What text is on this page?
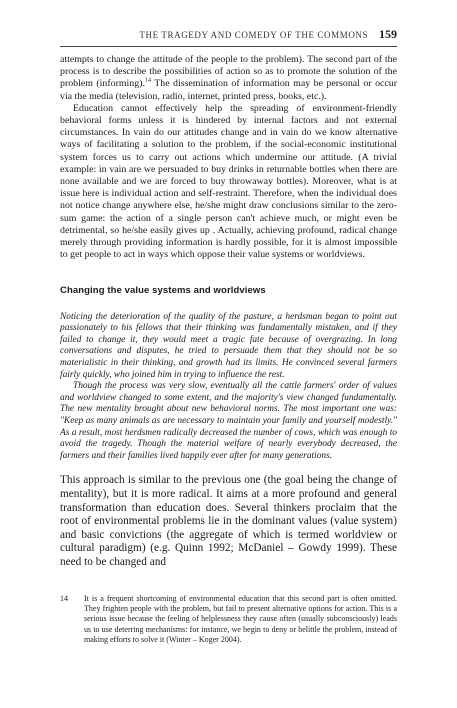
THE TRAGEDY AND COMEDY OF THE COMMONS 159

attempts to change the attitude of the people to the problem). The second part of the process is to describe the possibilities of action so as to promote the solution of the problem (informing).$^{14}$ The dissemination of information may be personal or occur via the media (television, radio, internet, printed press, books, etc.).

Education cannot effectively help the spreading of environment-friendly behavioral forms unless it is hindered by internal factors and not external circumstances. In vain do our attitudes change and in vain do we know alternative ways of facilitating a solution to the problem, if the social-economic institutional system forces us to carry out actions which undermine our attitude. (A trivial example: in vain are we persuaded to buy drinks in returnable bottles when there are none available and we are forced to buy throwaway bottles). Moreover, what is at issue here is individual action and self-restraint. Therefore, when the individual does not notice change anywhere else, he/she might draw conclusions similar to the zero-sum game: the action of a single person can't achieve much, or might even be detrimental, so he/she easily gives up . Actually, achieving profound, radical change merely through providing information is hardly possible, for it is almost impossible to get people to act in ways which oppose their value systems or worldviews.

Changing the value systems and worldviews

Noticing the deterioration of the quality of the pasture, a herdsman began to point out passionately to his fellows that their thinking was fundamentally mistaken, and if they failed to change it, they would meet a tragic fate because of overgrazing. In long conversations and disputes, he tried to persuade them that they should not be so materialistic in their thinking, and growth had its limits. He convinced several farmers fairly quickly, who joined him in trying to influence the rest.

Though the process was very slow, eventually all the cattle farmers' order of values and worldview changed to some extent, and the majority's view changed fundamentally. The new mentality brought about new behavioral norms. The most important one was: "Keep as many animals as are necessary to maintain your family and yourself modestly." As a result, most herdsmen radically decreased the number of cows, which was enough to avoid the tragedy. Though the material welfare of nearly everybody decreased, the farmers and their families lived happily ever after for many generations.

This approach is similar to the previous one (the goal being the change of mentality), but it is more radical. It aims at a more profound and general transformation than education does. Several thinkers proclaim that the root of environmental problems lie in the dominant values (value system) and basic convictions (the aggregate of which is termed worldview or cultural paradigm) (e.g. Quinn 1992; McDaniel – Gowdy 1999). These need to be changed and

14 It is a frequent shortcoming of environmental education that this second part is often omitted. They frighten people with the problem, but fail to present alternative options for action. This is a serious issue because the feeling of helplessness they cause often (usually subconsciously) leads us to use deterring mechanisms: for instance, we begin to deny or belittle the problem, instead of making efforts to solve it (Winter – Koger 2004).
